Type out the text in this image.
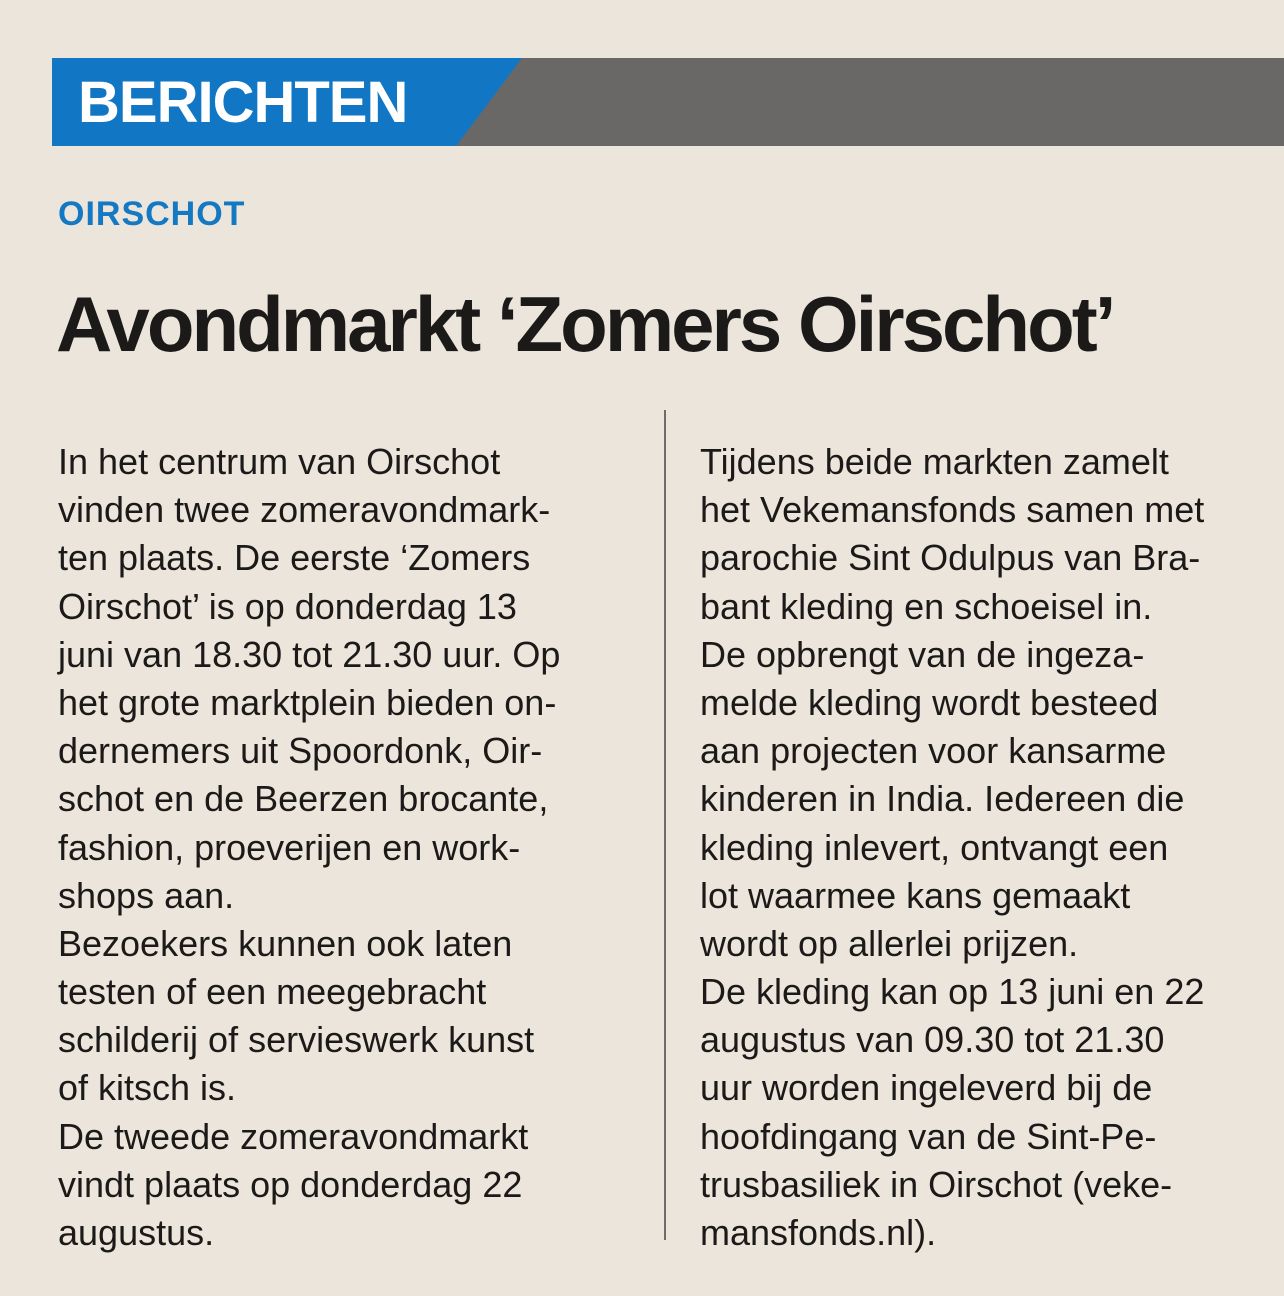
BERICHTEN
OIRSCHOT
Avondmarkt ‘Zomers Oirschot’
In het centrum van Oirschot
vinden twee zomeravondmark-
ten plaats. De eerste ‘Zomers
Oirschot’ is op donderdag 13
juni van 18.30 tot 21.30 uur. Op
het grote marktplein bieden on-
dernemers uit Spoordonk, Oir-
schot en de Beerzen brocante,
fashion, proeverijen en work-
shops aan.
Bezoekers kunnen ook laten
testen of een meegebracht
schilderij of servieswerk kunst
of kitsch is.
De tweede zomeravondmarkt
vindt plaats op donderdag 22
augustus.
Tijdens beide markten zamelt
het Vekemansfonds samen met
parochie Sint Odulpus van Bra-
bant kleding en schoeisel in.
De opbrengt van de ingeza-
melde kleding wordt besteed
aan projecten voor kansarme
kinderen in India. Iedereen die
kleding inlevert, ontvangt een
lot waarmee kans gemaakt
wordt op allerlei prijzen.
De kleding kan op 13 juni en 22
augustus van 09.30 tot 21.30
uur worden ingeleverd bij de
hoofdingang van de Sint-Pe-
trusbasiliek in Oirschot (veke-
mansfonds.nl).
